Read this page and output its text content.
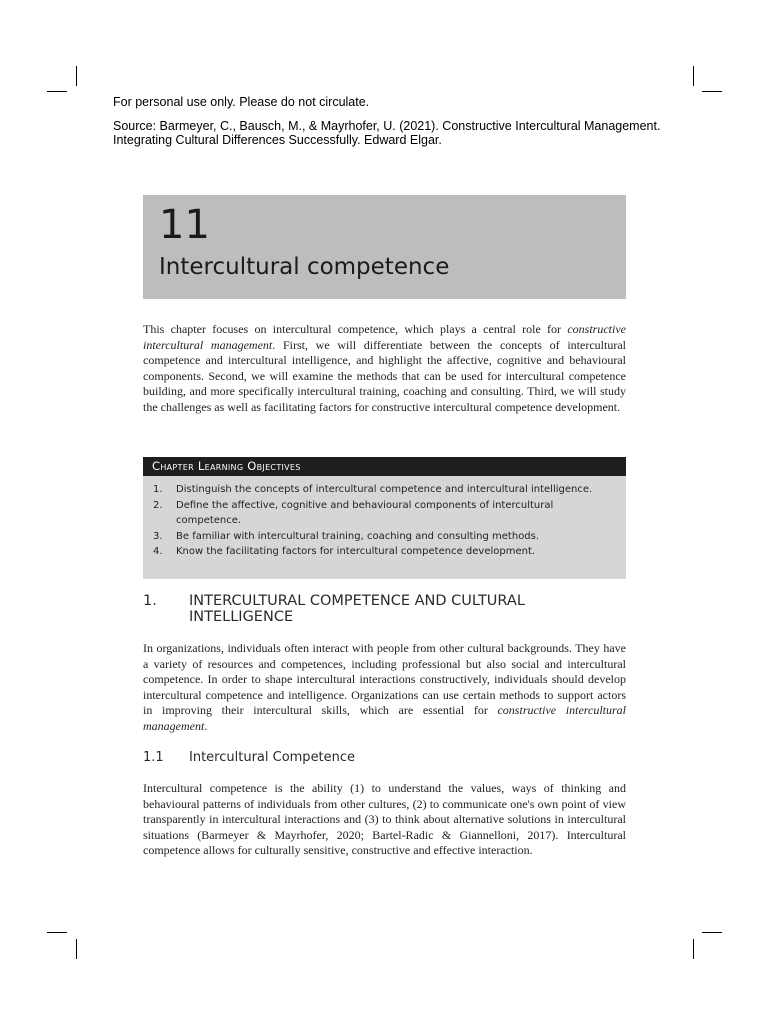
For personal use only. Please do not circulate.

Source: Barmeyer, C., Bausch, M., & Mayrhofer, U. (2021). Constructive Intercultural Management. Integrating Cultural Differences Successfully. Edward Elgar.

11
Intercultural competence

This chapter focuses on intercultural competence, which plays a central role for constructive intercultural management. First, we will differentiate between the concepts of intercultural competence and intercultural intelligence, and highlight the affective, cognitive and behavioural components. Second, we will examine the methods that can be used for intercultural competence building, and more specifically intercultural training, coaching and consulting. Third, we will study the challenges as well as facilitating factors for constructive intercultural competence development.

Chapter Learning Objectives
1.	Distinguish the concepts of intercultural competence and intercultural intelligence.
2.	Define the affective, cognitive and behavioural components of intercultural competence.
3.	Be familiar with intercultural training, coaching and consulting methods.
4.	Know the facilitating factors for intercultural competence development.
1.	INTERCULTURAL COMPETENCE AND CULTURAL INTELLIGENCE

In organizations, individuals often interact with people from other cultural backgrounds. They have a variety of resources and competences, including professional but also social and intercultural competence. In order to shape intercultural interactions constructively, individuals should develop intercultural competence and intelligence. Organizations can use certain methods to support actors in improving their intercultural skills, which are essential for constructive intercultural management.

1.1	Intercultural Competence

Intercultural competence is the ability (1) to understand the values, ways of thinking and behavioural patterns of individuals from other cultures, (2) to communicate one's own point of view transparently in intercultural interactions and (3) to think about alternative solutions in intercultural situations (Barmeyer & Mayrhofer, 2020; Bartel-Radic & Giannelloni, 2017). Intercultural competence allows for culturally sensitive, constructive and effective interaction.
